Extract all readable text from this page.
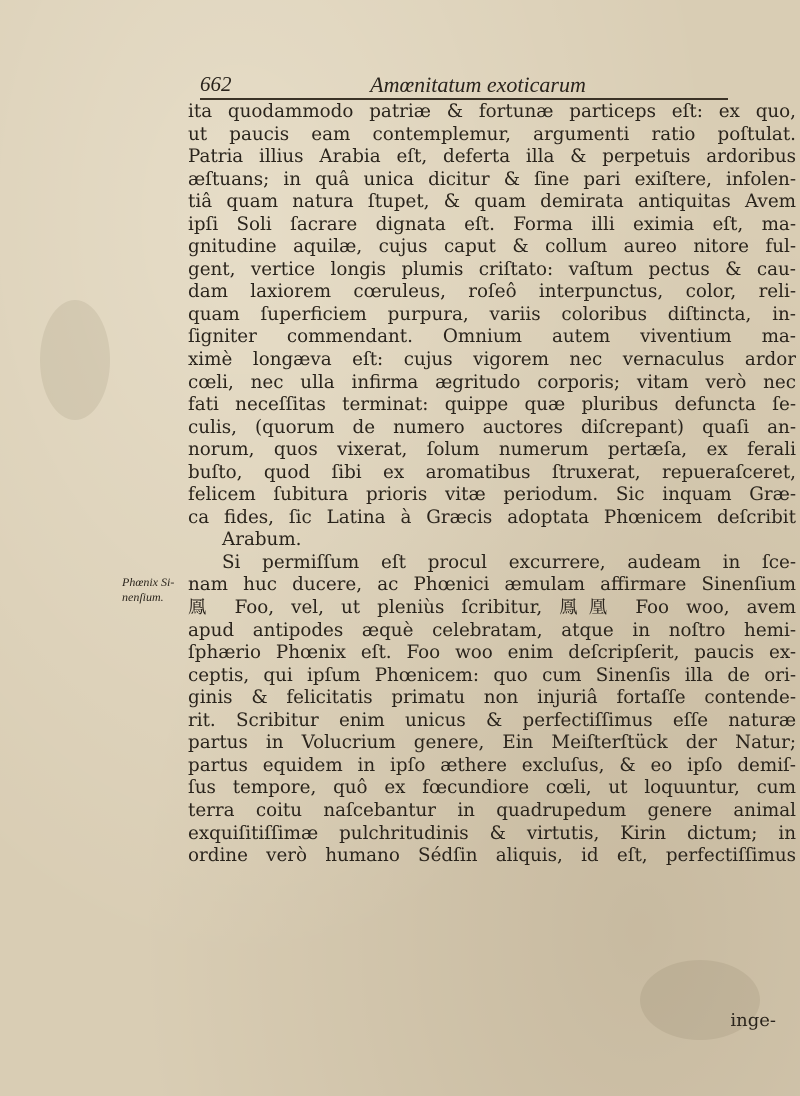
662	Amœnitatum exoticarum
Phœnix Si-
nenſium.
ita quodammodo patriæ & fortunæ particeps eſt: ex quo,
ut paucis eam contemplemur, argumenti ratio poſtulat.
Patria illius Arabia eſt, deferta illa & perpetuis ardoribus
æſtuans; in quâ unica dicitur & ſine pari exiſtere, infolen-
tiâ quam natura ſtupet, & quam demirata antiquitas Avem
ipſi Soli ſacrare dignata eſt. Forma illi eximia eſt, ma-
gnitudine aquilæ, cujus caput & collum aureo nitore ful-
gent, vertice longis plumis criſtato: vaſtum pectus & cau-
dam laxiorem cœruleus, roſeô interpunctus, color, reli-
quam ſuperficiem purpura, variis coloribus diſtincta, in-
ſigniter commendant. Omnium autem viventium ma-
ximè longæva eſt: cujus vigorem nec vernaculus ardor
cœli, nec ulla infirma ægritudo corporis; vitam verò nec
fati neceſſitas terminat: quippe quæ pluribus defuncta ſe-
culis, (quorum de numero auctores diſcrepant) quaſi an-
norum, quos vixerat, ſolum numerum pertæſa, ex ferali
buſto, quod ſibi ex aromatibus ſtruxerat, repueraſceret,
felicem ſubitura prioris vitæ periodum. Sic inquam Græ-
ca fides, ſic Latina à Græcis adoptata Phœnicem deſcribit
Arabum.
Si permiſſum eſt procul excurrere, audeam in ſce-
nam huc ducere, ac Phœnici æmulam affirmare Sinenſium
鳳 Foo, vel, ut pleniùs ſcribitur, 鳳凰 Foo woo, avem
apud antipodes æquè celebratam, atque in noſtro hemi-
ſphærio Phœnix eſt. Foo woo enim deſcripſerit, paucis ex-
ceptis, qui ipſum Phœnicem: quo cum Sinenſis illa de ori-
ginis & felicitatis primatu non injuriâ fortaſſe contende-
rit. Scribitur enim unicus & perfectiſſimus eſſe naturæ
partus in Volucrium genere, Ein Meiſterſtück der Natur;
partus equidem in ipſo æthere excluſus, & eo ipſo demiſ-
ſus tempore, quô ex fœcundiore cœli, ut loquuntur, cum
terra coitu naſcebantur in quadrupedum genere animal
exquiſitiſſimæ pulchritudinis & virtutis, Kirin dictum; in
ordine verò humano Sédſin aliquis, id eſt, perfectiſſimus
inge-
